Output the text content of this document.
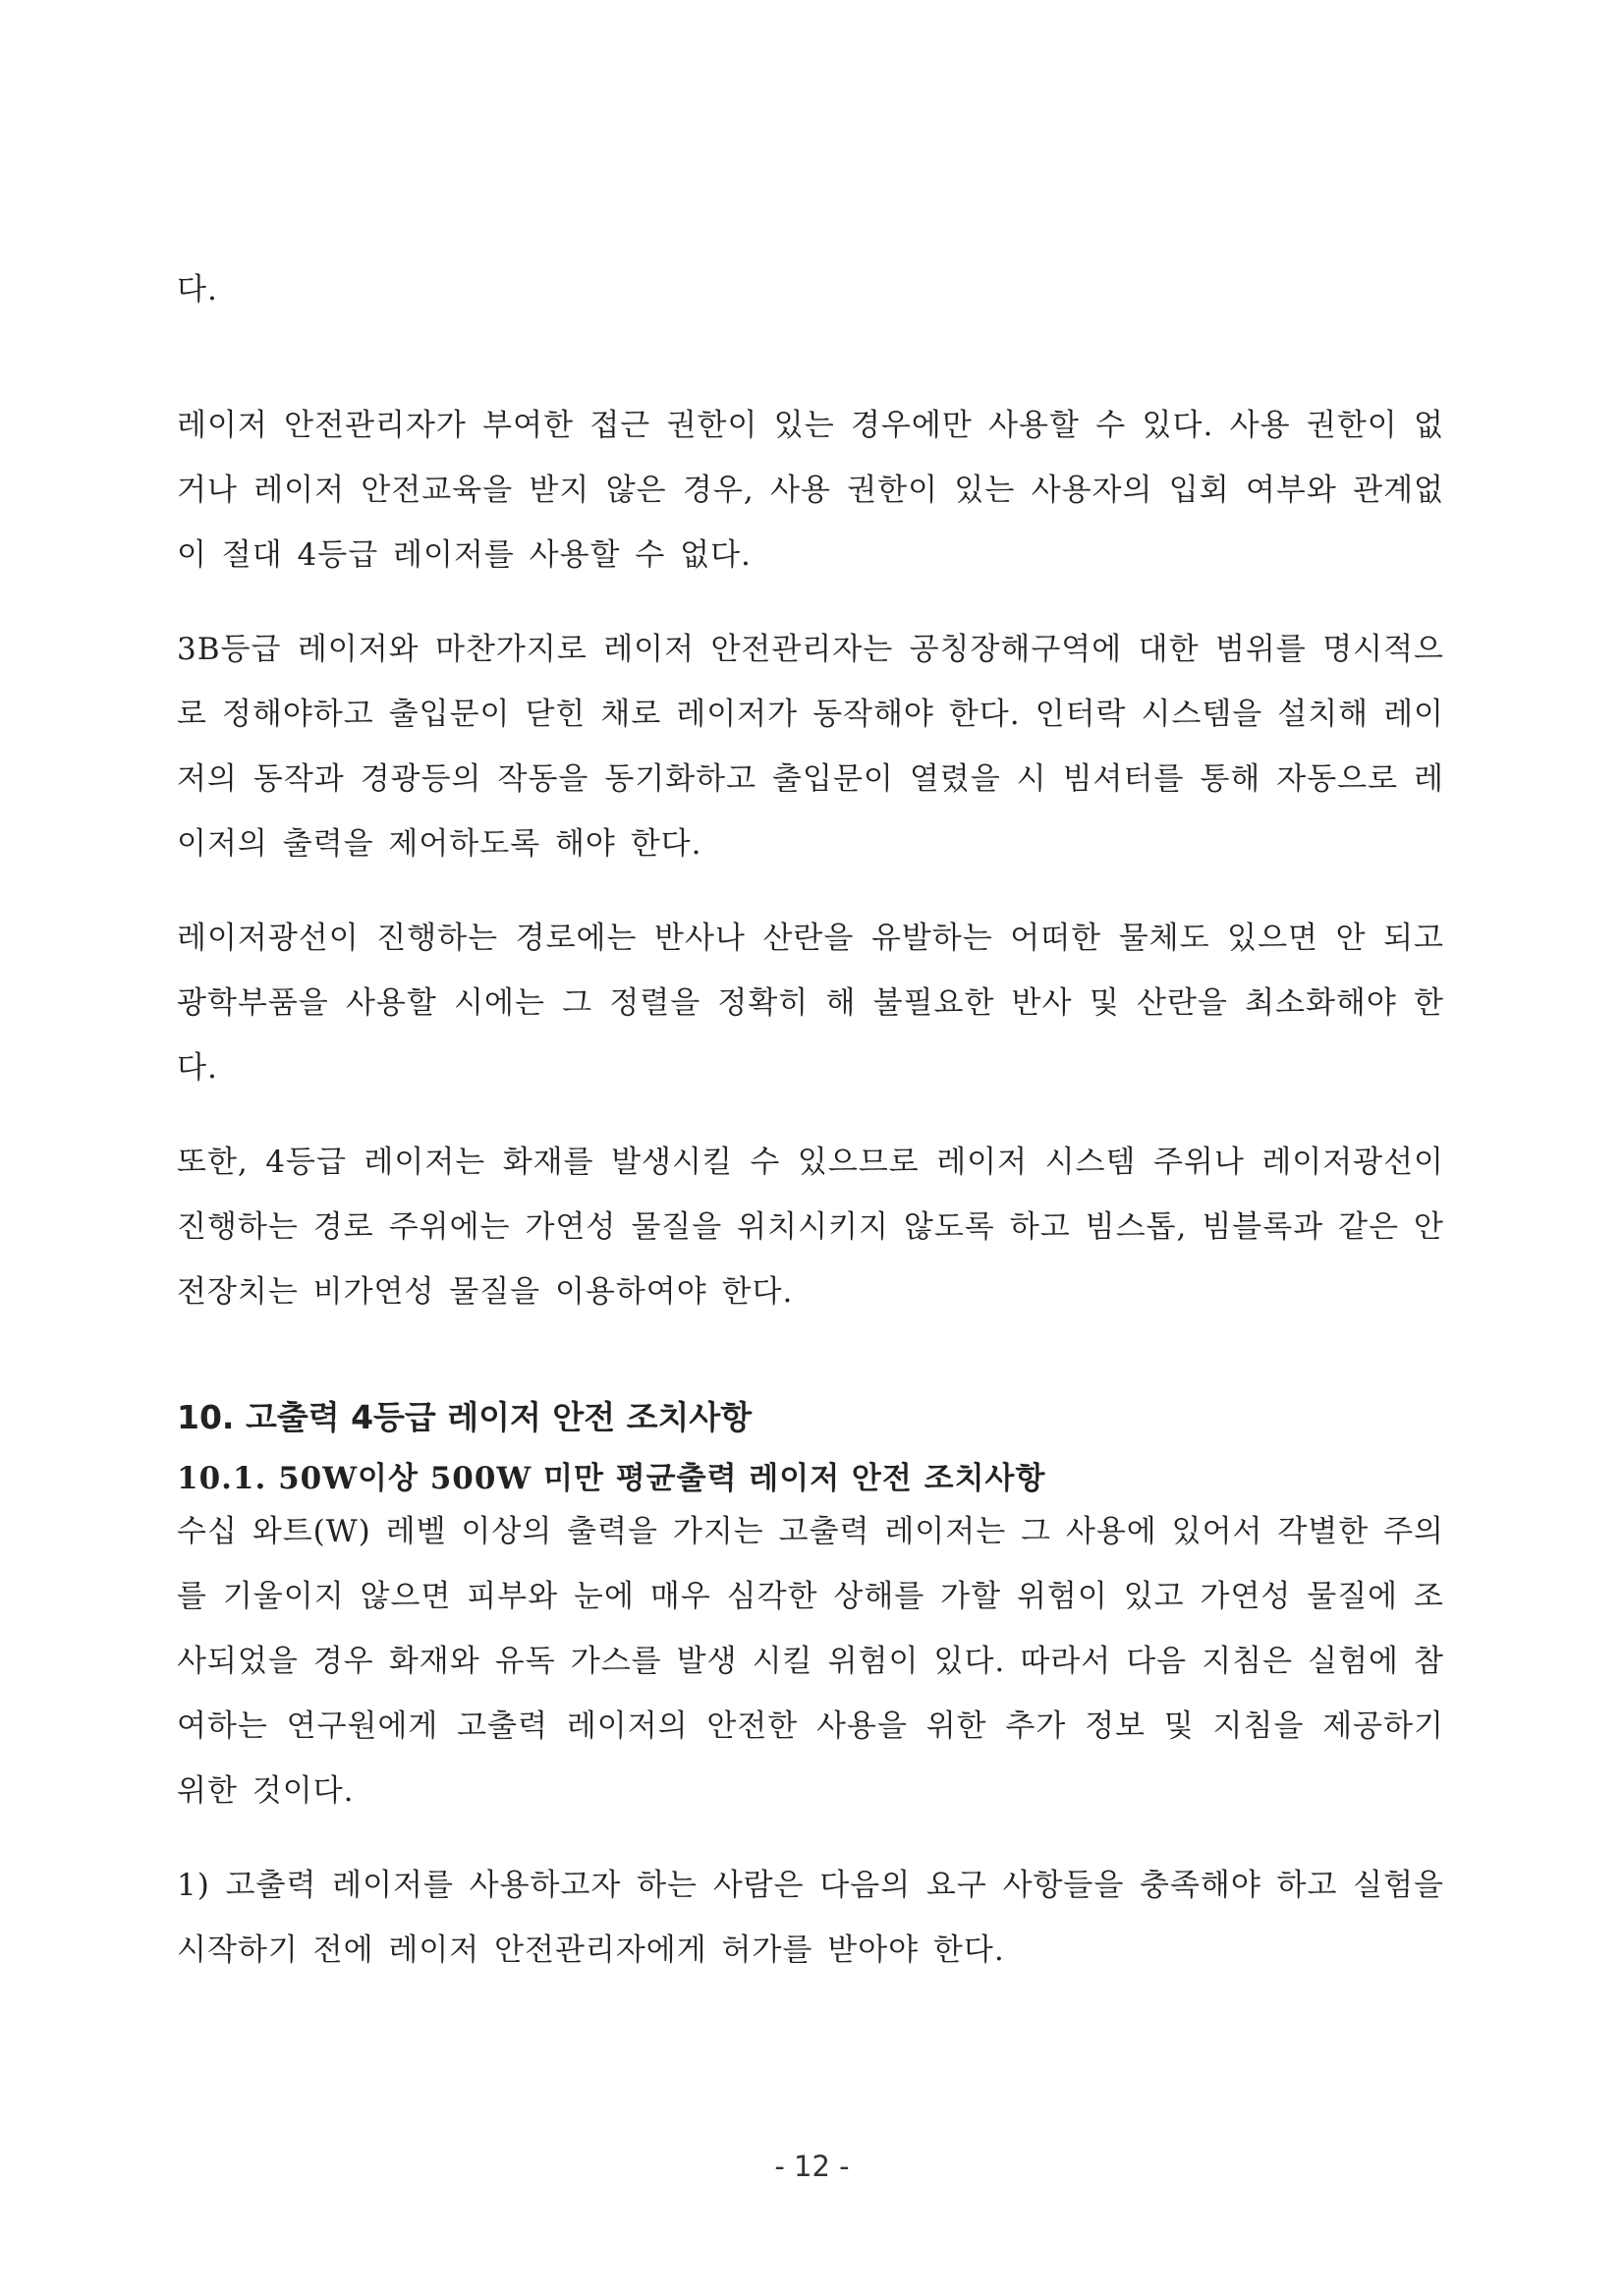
다.

레이저 안전관리자가 부여한 접근 권한이 있는 경우에만 사용할 수 있다. 사용 권한이 없거나 레이저 안전교육을 받지 않은 경우, 사용 권한이 있는 사용자의 입회 여부와 관계없이 절대 4등급 레이저를 사용할 수 없다.

3B등급 레이저와 마찬가지로 레이저 안전관리자는 공칭장해구역에 대한 범위를 명시적으로 정해야하고 출입문이 닫힌 채로 레이저가 동작해야 한다. 인터락 시스템을 설치해 레이저의 동작과 경광등의 작동을 동기화하고 출입문이 열렸을 시 빔셔터를 통해 자동으로 레이저의 출력을 제어하도록 해야 한다.

레이저광선이 진행하는 경로에는 반사나 산란을 유발하는 어떠한 물체도 있으면 안 되고 광학부품을 사용할 시에는 그 정렬을 정확히 해 불필요한 반사 및 산란을 최소화해야 한다.

또한, 4등급 레이저는 화재를 발생시킬 수 있으므로 레이저 시스템 주위나 레이저광선이 진행하는 경로 주위에는 가연성 물질을 위치시키지 않도록 하고 빔스톱, 빔블록과 같은 안전장치는 비가연성 물질을 이용하여야 한다.

10. 고출력 4등급 레이저 안전 조치사항
10.1. 50W이상 500W 미만 평균출력 레이저 안전 조치사항

수십 와트(W) 레벨 이상의 출력을 가지는 고출력 레이저는 그 사용에 있어서 각별한 주의를 기울이지 않으면 피부와 눈에 매우 심각한 상해를 가할 위험이 있고 가연성 물질에 조사되었을 경우 화재와 유독 가스를 발생 시킬 위험이 있다. 따라서 다음 지침은 실험에 참여하는 연구원에게 고출력 레이저의 안전한 사용을 위한 추가 정보 및 지침을 제공하기 위한 것이다.

1) 고출력 레이저를 사용하고자 하는 사람은 다음의 요구 사항들을 충족해야 하고 실험을 시작하기 전에 레이저 안전관리자에게 허가를 받아야 한다.

- 12 -
